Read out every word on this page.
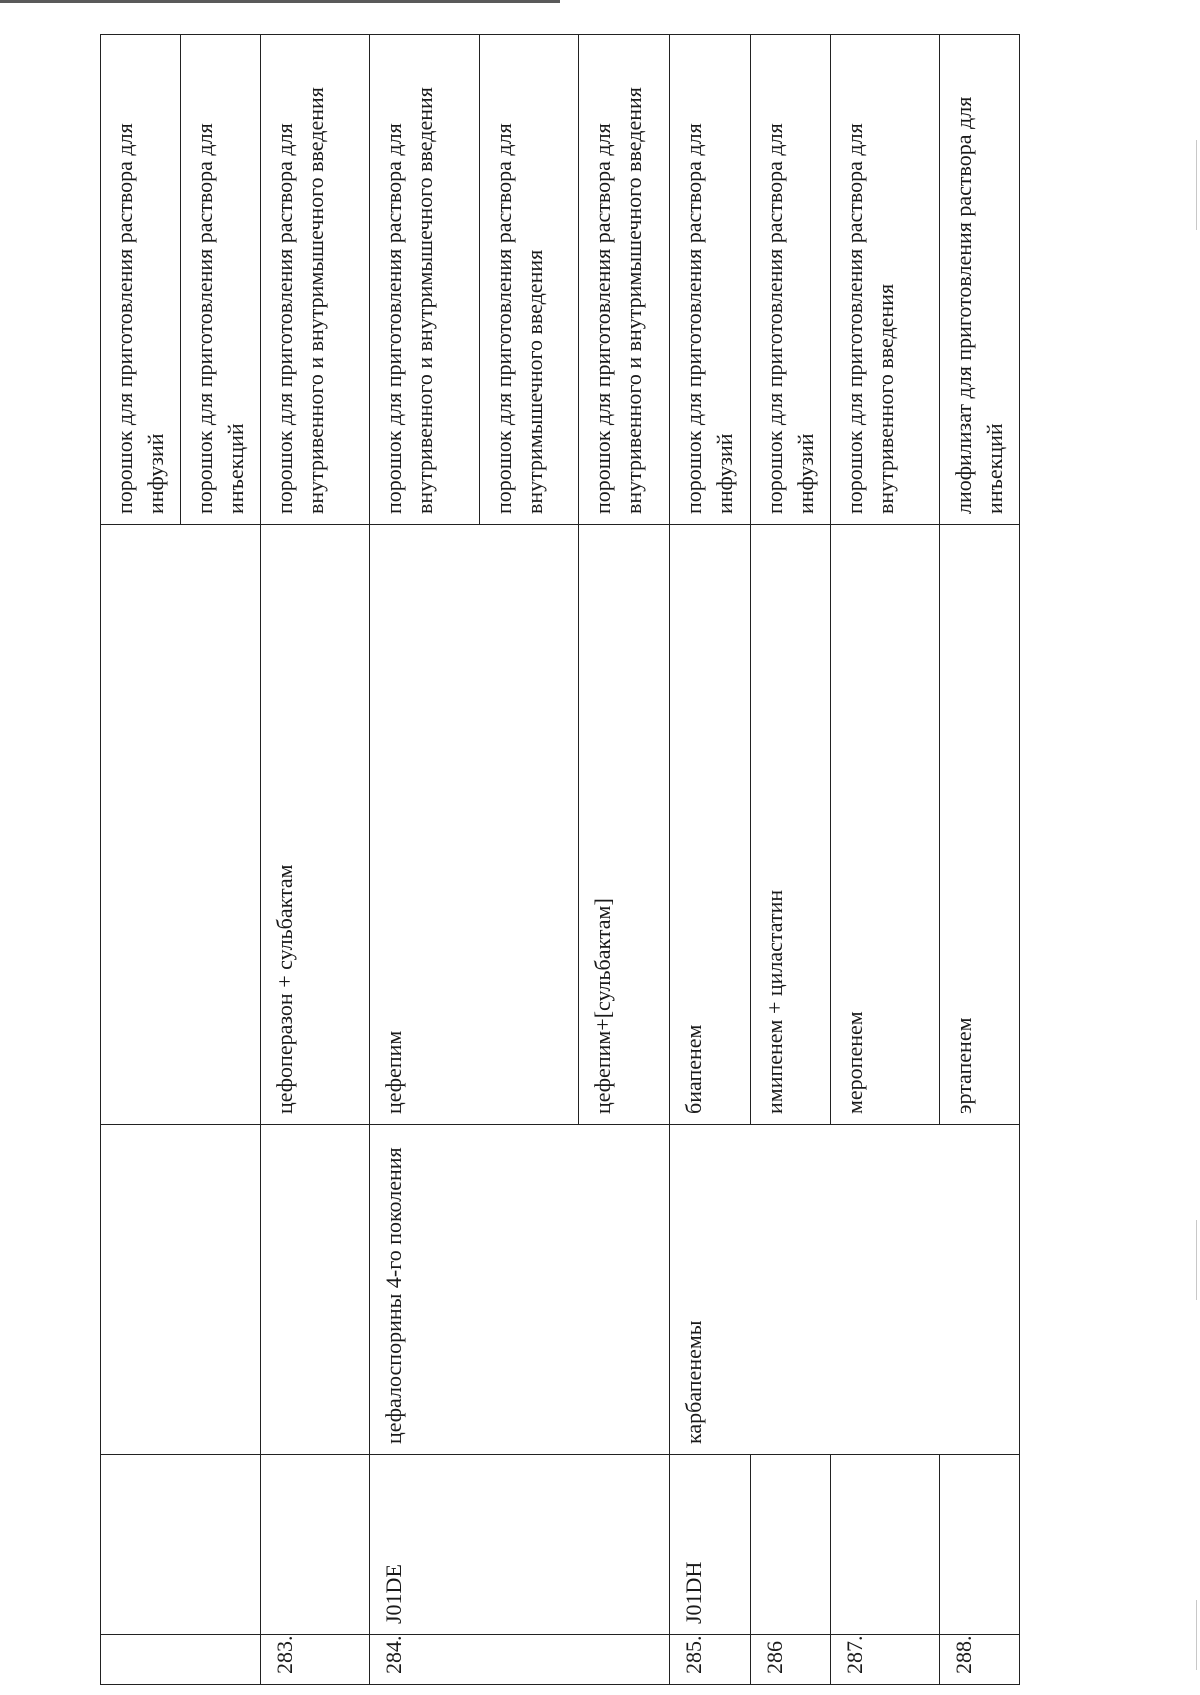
				порошок для приготовления раствора для инфузий
				порошок для приготовления раствора для инъекций
283.			цефоперазон + сульбактам	порошок для приготовления раствора для внутривенного и внутримышечного введения
284.	J01DE	цефалоспорины 4-го поколения	цефепим	порошок для приготовления раствора для внутривенного и внутримышечного введения
				порошок для приготовления раствора для внутримышечного введения
			цефепим+[сульбактам]	порошок для приготовления раствора для внутривенного и внутримышечного введения
285.	J01DH	карбапенемы	биапенем	порошок для приготовления раствора для инфузий
286			имипенем + циластатин	порошок для приготовления раствора для инфузий
287.			меропенем	порошок для приготовления раствора для внутривенного введения
288.			эртапенем	лиофилизат для приготовления раствора для инъекций
